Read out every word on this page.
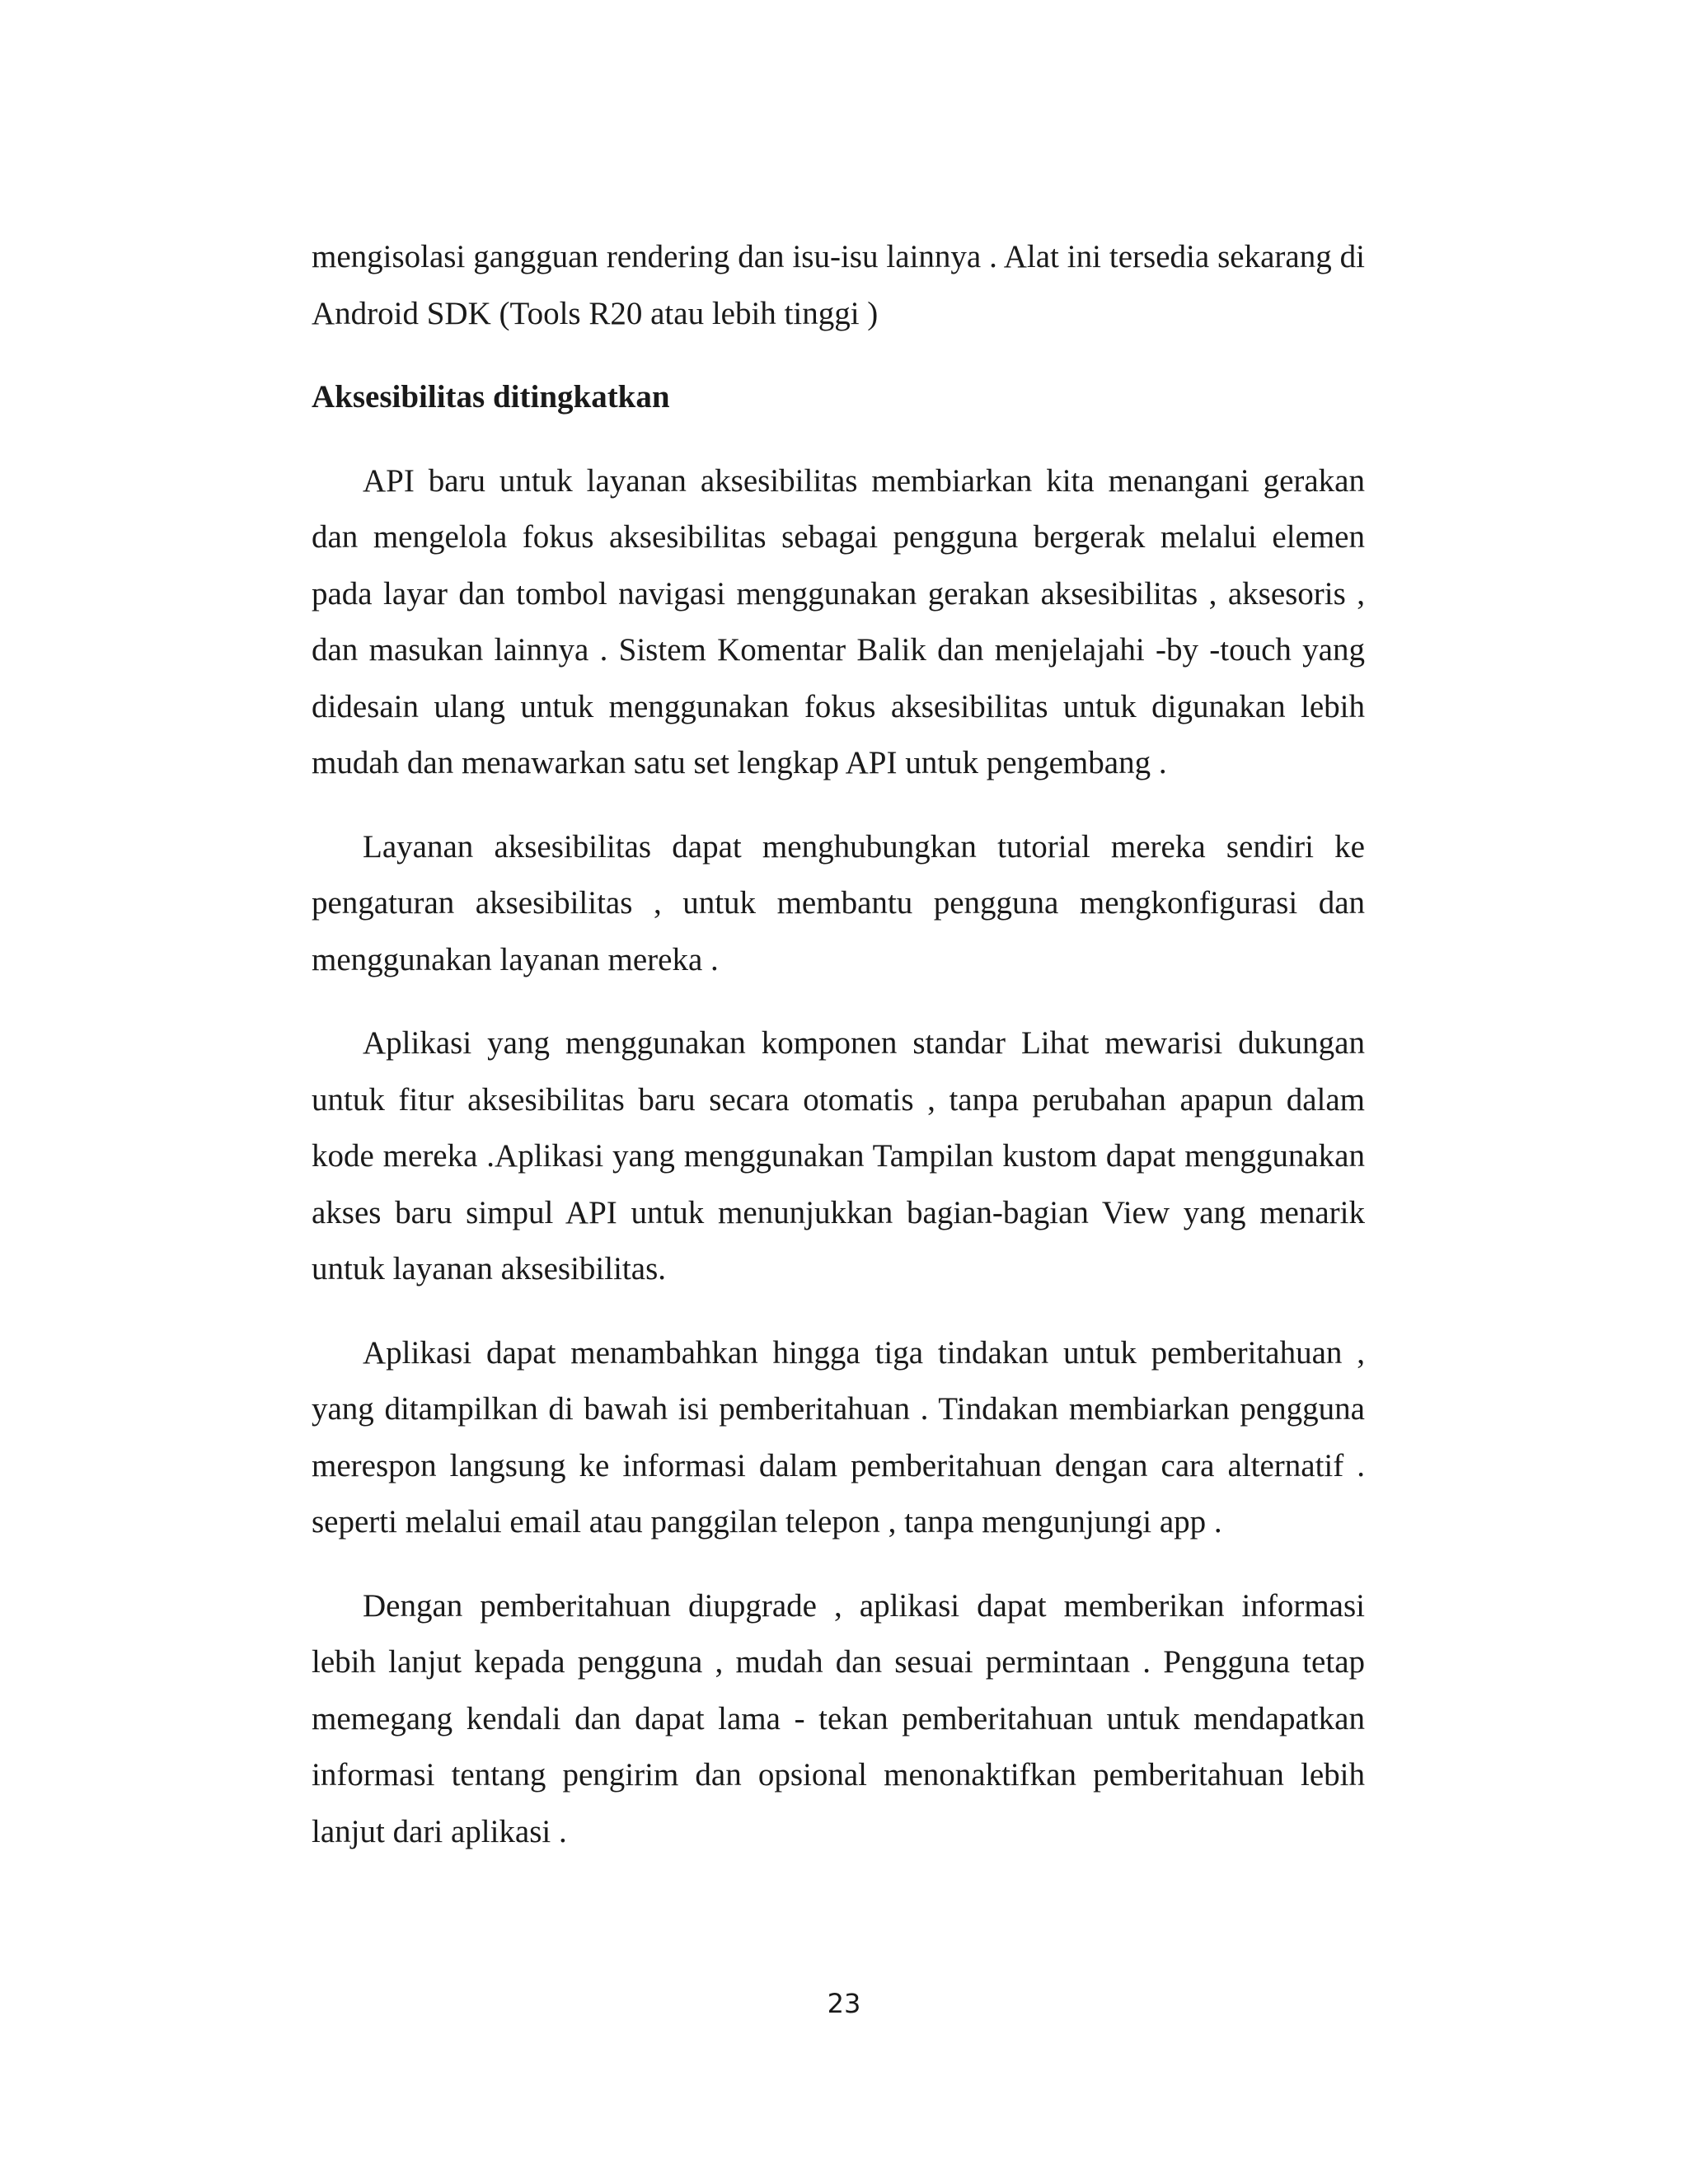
mengisolasi gangguan rendering dan isu-isu lainnya . Alat ini tersedia sekarang di Android SDK (Tools R20 atau lebih tinggi )

Aksesibilitas ditingkatkan

API baru untuk layanan aksesibilitas membiarkan kita menangani gerakan dan mengelola fokus aksesibilitas sebagai pengguna bergerak melalui elemen pada layar dan tombol navigasi menggunakan gerakan aksesibilitas , aksesoris , dan masukan lainnya . Sistem Komentar Balik dan menjelajahi -by -touch yang didesain ulang untuk menggunakan fokus aksesibilitas untuk digunakan lebih mudah dan menawarkan satu set lengkap API untuk pengembang .

Layanan aksesibilitas dapat menghubungkan tutorial mereka sendiri ke pengaturan aksesibilitas , untuk membantu pengguna mengkonfigurasi dan menggunakan layanan mereka .

Aplikasi yang menggunakan komponen standar Lihat mewarisi dukungan untuk fitur aksesibilitas baru secara otomatis , tanpa perubahan apapun dalam kode mereka .Aplikasi yang menggunakan Tampilan kustom dapat menggunakan akses baru simpul API untuk menunjukkan bagian-bagian View yang menarik untuk layanan aksesibilitas.

Aplikasi dapat menambahkan hingga tiga tindakan untuk pemberitahuan , yang ditampilkan di bawah isi pemberitahuan . Tindakan membiarkan pengguna merespon langsung ke informasi dalam pemberitahuan dengan cara alternatif . seperti melalui email atau panggilan telepon , tanpa mengunjungi app .

Dengan pemberitahuan diupgrade , aplikasi dapat memberikan informasi lebih lanjut kepada pengguna , mudah dan sesuai permintaan . Pengguna tetap memegang kendali dan dapat lama - tekan pemberitahuan untuk mendapatkan informasi tentang pengirim dan opsional menonaktifkan pemberitahuan lebih lanjut dari aplikasi .

23
